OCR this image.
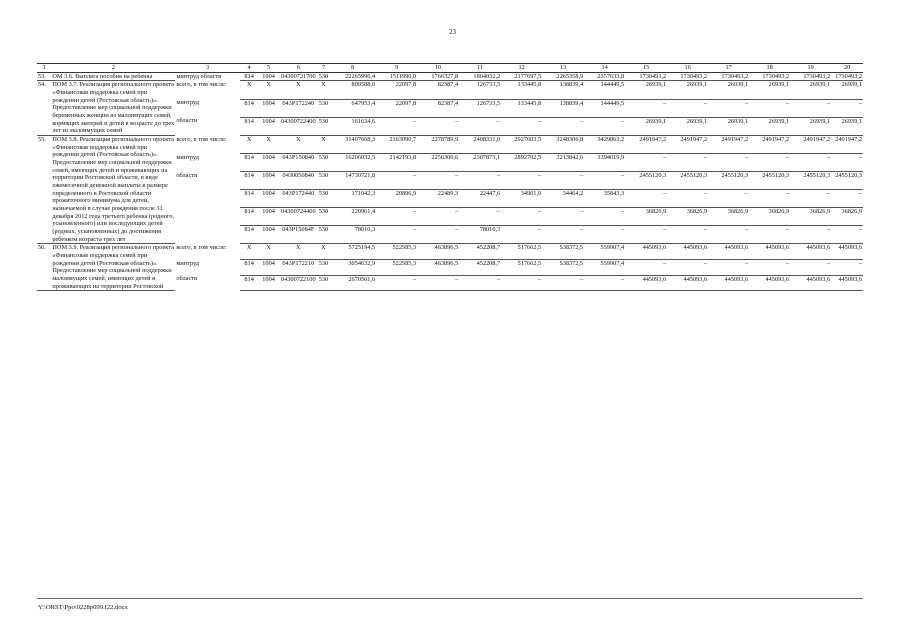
23
1	2	3	4	5	6	7	8	9	10	11	12	13	14	15	16	17	18	19	20
53.	ОМ 3.6. Выплата пособия на ребенка	минтруд области	814	1004	04300721700	530	22265996,4	1511990,0	1766327,8	1804032,2	2177697,5	2265358,9	2357633,8	1730493,2	1730493,2	1730493,2	1730493,2	1730493,2	1730493,2
54.	ПОМ 3.7. Реализация регионального проекта «Финансовая поддержка семей при рождении детей (Ростовская область)». Предоставление мер социальной поддержки беременных женщин из малоимущих семей, кормящих матерей и детей в возрасте до трех лет из малоимущих семей	всего, в том числе:	X	X	X	X	809588,0	22097,8	82387,4	126733,5	133445,8	138839,4	144449,5	26939,1	26939,1	26939,1	26939,1	26939,1	26939,1
		минтруд	814	1004	043P172240	530	647953,4	22097,8	82387,4	126733,5	133445,8	138839,4	144449,5	–	–	–	–	–	–
		области	814	1004	04300722400	530	161634,6	–	–	–	–	–	–	26939,1	26939,1	26939,1	26939,1	26939,1	26939,1
55.	ПОМ 3.8. Реализация регионального проекта «Финансовая поддержка семей при рождении детей (Ростовская область)». Предоставление мер социальной поддержки семей, имеющих детей и проживающих на территории Ростовской области, в виде ежемесячной денежной выплаты в размере определенного в Ростовской области прожиточного минимума для детей, назначаемой в случае рождения после 31 декабря 2012 года третьего ребенка (родного, усыновленного) или последующих детей (родных, усыновленных) до достижения ребенком возраста трех лет	всего, в том числе:	X	X	X	X	31407668,3	2163090,7	2278789,9	2408331,0	2927603,5	3248306,8	3429863,2	2491947,2	2491947,2	2491947,2	2491947,2	2491947,2	2491947,2
		минтруд	814	1004	043P150840	530	16206032,5	2142193,8	2256300,6	2307873,1	2892702,5	3213842,6	3394019,9	–	–	–	–	–	–
		области	814	1004	0430050840	530	14730721,8	–	–	–	–	–	–	2455120,3	2455120,3	2455120,3	2455120,3	2455120,3	2455120,3
			814	1004	043P172440	530	171042,3	20896,9	22489,3	22447,6	34901,0	34464,2	35843,3	–	–	–	–	–	–
			814	1004	04300724400	530	220961,4	–	–	–	–	–	–	36826,9	36826,9	36826,9	36826,9	36826,9	36826,9
			814	1004	043P15084F	530	78010,3	–	–	78010,3	–	–	–	–	–	–	–	–	–
56.	ПОМ 3.9. Реализация регионального проекта «Финансовая поддержка семей при рождении детей (Ростовская область)». Предоставление мер социальной поддержки малоимущих семей, имеющих детей и проживающих на территории Ростовской	всего, в том числе:	X	X	X	X	5725194,5	522585,3	463896,5	452208,7	517662,5	538372,5	559907,4	445093,6	445093,6	445093,6	445093,6	445093,6	445093,6
		минтруд	814	1004	043P172210	530	3054632,9	522585,3	463896,5	452208,7	517662,5	538372,5	559907,4	–	–	–	–	–	–
		области	814	1004	04300722100	530	2670561,6	–	–	–	–	–	–	445093,6	445093,6	445093,6	445093,6	445093,6	445093,6
Y:\ORST\Ppo\0228p099.f22.docx
